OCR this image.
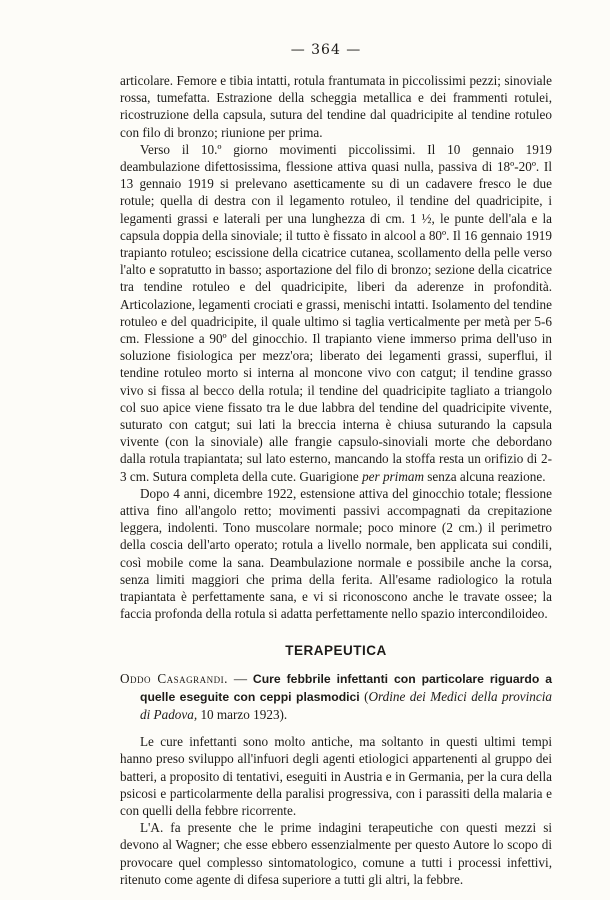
— 364 —

articolare. Femore e tibia intatti, rotula frantumata in piccolissimi pezzi; sinoviale rossa, tumefatta. Estrazione della scheggia metallica e dei frammenti rotulei, ricostruzione della capsula, sutura del tendine dal quadricipite al tendine rotuleo con filo di bronzo; riunione per prima.

Verso il 10.º giorno movimenti piccolissimi. Il 10 gennaio 1919 deambulazione difettosissima, flessione attiva quasi nulla, passiva di 18º-20º. Il 13 gennaio 1919 si prelevano asetticamente su di un cadavere fresco le due rotule; quella di destra con il legamento rotuleo, il tendine del quadricipite, i legamenti grassi e laterali per una lunghezza di cm. 1 ½, le punte dell'ala e la capsula doppia della sinoviale; il tutto è fissato in alcool a 80º. Il 16 gennaio 1919 trapianto rotuleo; escissione della cicatrice cutanea, scollamento della pelle verso l'alto e sopratutto in basso; asportazione del filo di bronzo; sezione della cicatrice tra tendine rotuleo e del quadricipite, liberi da aderenze in profondità. Articolazione, legamenti crociati e grassi, menischi intatti. Isolamento del tendine rotuleo e del quadricipite, il quale ultimo si taglia verticalmente per metà per 5-6 cm. Flessione a 90º del ginocchio. Il trapianto viene immerso prima dell'uso in soluzione fisiologica per mezz'ora; liberato dei legamenti grassi, superflui, il tendine rotuleo morto si interna al moncone vivo con catgut; il tendine grasso vivo si fissa al becco della rotula; il tendine del quadricipite tagliato a triangolo col suo apice viene fissato tra le due labbra del tendine del quadricipite vivente, suturato con catgut; sui lati la breccia interna è chiusa suturando la capsula vivente (con la sinoviale) alle frangie capsulo-sinoviali morte che debordano dalla rotula trapiantata; sul lato esterno, mancando la stoffa resta un orifizio di 2-3 cm. Sutura completa della cute. Guarigione per primam senza alcuna reazione.

Dopo 4 anni, dicembre 1922, estensione attiva del ginocchio totale; flessione attiva fino all'angolo retto; movimenti passivi accompagnati da crepitazione leggera, indolenti. Tono muscolare normale; poco minore (2 cm.) il perimetro della coscia dell'arto operato; rotula a livello normale, ben applicata sui condili, così mobile come la sana. Deambulazione normale e possibile anche la corsa, senza limiti maggiori che prima della ferita. All'esame radiologico la rotula trapiantata è perfettamente sana, e vi si riconoscono anche le travate ossee; la faccia profonda della rotula si adatta perfettamente nello spazio intercondiloideo.

TERAPEUTICA

Oddo Casagrandi. — Cure febbrile infettanti con particolare riguardo a quelle eseguite con ceppi plasmodici (Ordine dei Medici della provincia di Padova, 10 marzo 1923).

Le cure infettanti sono molto antiche, ma soltanto in questi ultimi tempi hanno preso sviluppo all'infuori degli agenti etiologici appartenenti al gruppo dei batteri, a proposito di tentativi, eseguiti in Austria e in Germania, per la cura della psicosi e particolarmente della paralisi progressiva, con i parassiti della malaria e con quelli della febbre ricorrente.

L'A. fa presente che le prime indagini terapeutiche con questi mezzi si devono al Wagner; che esse ebbero essenzialmente per questo Autore lo scopo di provocare quel complesso sintomatologico, comune a tutti i processi infettivi, ritenuto come agente di difesa superiore a tutti gli altri, la febbre.
